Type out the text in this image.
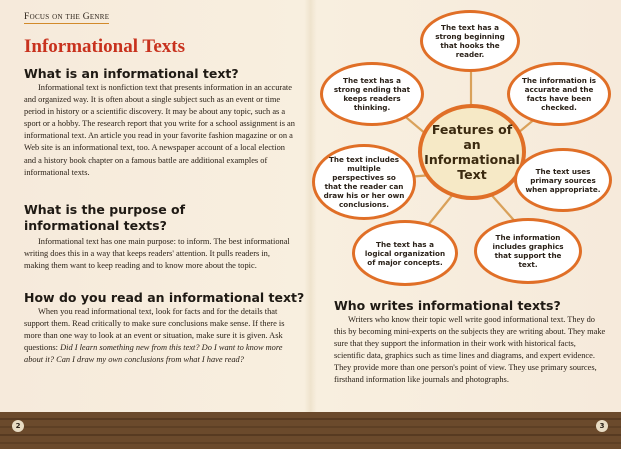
Focus on the Genre
Informational Texts
What is an informational text?
Informational text is nonfiction text that presents information in an accurate and organized way. It is often about a single subject such as an event or time period in history or a scientific discovery. It may be about any topic, such as a sport or a hobby. The research report that you write for a school assignment is an informational text. An article you read in your favorite fashion magazine or on a Web site is an informational text, too. A newspaper account of a local election and a history book chapter on a famous battle are additional examples of informational texts.
What is the purpose of
informational texts?
Informational text has one main purpose: to inform. The best informational writing does this in a way that keeps readers' attention. It pulls readers in, making them want to keep reading and to know more about the topic.
How do you read an informational text?
When you read informational text, look for facts and for the details that support them. Read critically to make sure conclusions make sense. If there is more than one way to look at an event or situation, make sure it is given. Ask questions: Did I learn something new from this text? Do I want to know more about it? Can I draw my own conclusions from what I have read?
Features of an Informational Text
The text has a strong beginning that hooks the reader.
The information is accurate and the facts have been checked.
The text uses primary sources when appropriate.
The information includes graphics that support the text.
The text has a logical organization of major concepts.
The text includes multiple perspectives so that the reader can draw his or her own conclusions.
The text has a strong ending that keeps readers thinking.
Who writes informational texts?
Writers who know their topic well write good informational text. They do this by becoming mini-experts on the subjects they are writing about. They make sure that they support the information in their work with historical facts, scientific data, graphics such as time lines and diagrams, and expert evidence. They provide more than one person's point of view. They use primary sources, firsthand information like journals and photographs.
2	3
